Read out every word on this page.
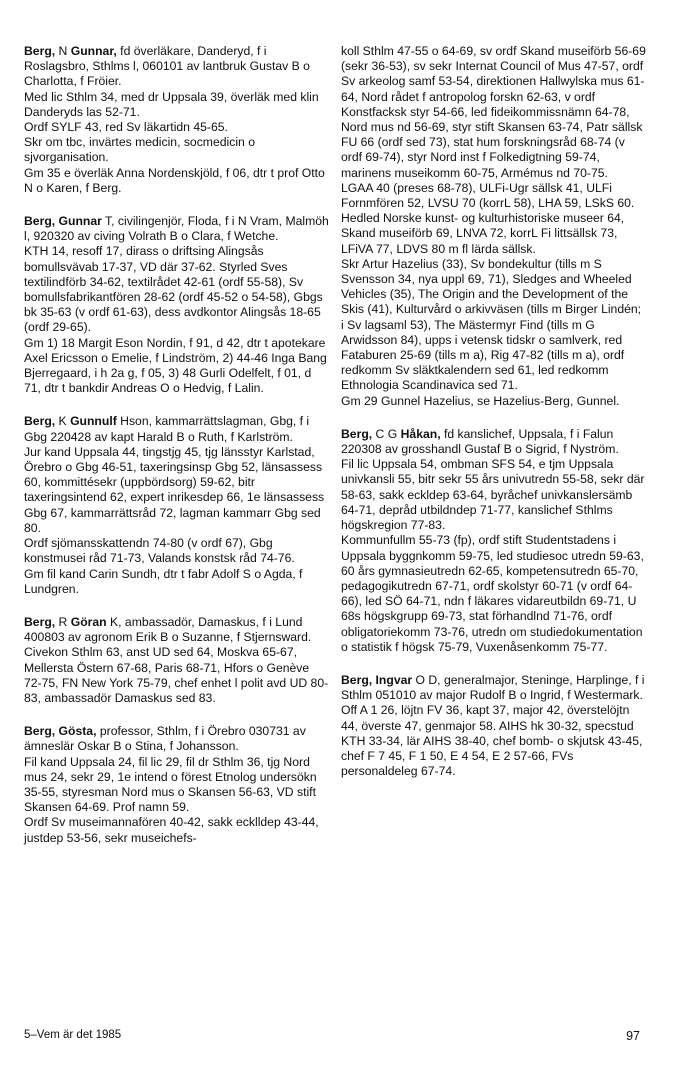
Berg, N Gunnar, fd överläkare, Danderyd, f i Roslagsbro, Sthlms l, 060101 av lantbruk Gustav B o Charlotta, f Fröier.

Med lic Sthlm 34, med dr Uppsala 39, överläk med klin Danderyds las 52-71.

Ordf SYLF 43, red Sv läkartidn 45-65.

Skr om tbc, invärtes medicin, socmedicin o sjvorganisation.

Gm 35 e överläk Anna Nordenskjöld, f 06, dtr t prof Otto N o Karen, f Berg.

Berg, Gunnar T, civilingenjör, Floda, f i N Vram, Malmöh l, 920320 av civing Volrath B o Clara, f Wetche.

KTH 14, resoff 17, dirass o driftsing Alingsås bomullsvävab 17-37, VD där 37-62. Styrled Sves textilindförb 34-62, textilrådet 42-61 (ordf 55-58), Sv bomullsfabrikantfören 28-62 (ordf 45-52 o 54-58), Gbgs bk 35-63 (v ordf 61-63), dess avdkontor Alingsås 18-65 (ordf 29-65).

Gm 1) 18 Margit Eson Nordin, f 91, d 42, dtr t apotekare Axel Ericsson o Emelie, f Lindström, 2) 44-46 Inga Bang Bjerregaard, i h 2a g, f 05, 3) 48 Gurli Odelfelt, f 01, d 71, dtr t bankdir Andreas O o Hedvig, f Lalin.

Berg, K Gunnulf Hson, kammarrättslagman, Gbg, f i Gbg 220428 av kapt Harald B o Ruth, f Karlström.

Jur kand Uppsala 44, tingstjg 45, tjg länsstyr Karlstad, Örebro o Gbg 46-51, taxeringsinsp Gbg 52, länsassess 60, kommittésekr (uppbördsorg) 59-62, bitr taxeringsintend 62, expert inrikesdep 66, 1e länsassess Gbg 67, kammarrättsråd 72, lagman kammarr Gbg sed 80.

Ordf sjömansskattendn 74-80 (v ordf 67), Gbg konstmusei råd 71-73, Valands konstsk råd 74-76.

Gm fil kand Carin Sundh, dtr t fabr Adolf S o Agda, f Lundgren.

Berg, R Göran K, ambassadör, Damaskus, f i Lund 400803 av agronom Erik B o Suzanne, f Stjernsward.

Civekon Sthlm 63, anst UD sed 64, Moskva 65-67, Mellersta Östern 67-68, Paris 68-71, Hfors o Genève 72-75, FN New York 75-79, chef enhet l polit avd UD 80-83, ambassadör Damaskus sed 83.

Berg, Gösta, professor, Sthlm, f i Örebro 030731 av ämneslär Oskar B o Stina, f Johansson.

Fil kand Uppsala 24, fil lic 29, fil dr Sthlm 36, tjg Nord mus 24, sekr 29, 1e intend o förest Etnolog undersökn 35-55, styresman Nord mus o Skansen 56-63, VD stift Skansen 64-69. Prof namn 59.

Ordf Sv museimannafören 40-42, sakk ecklldep 43-44, justdep 53-56, sekr museichefs-

koll Sthlm 47-55 o 64-69, sv ordf Skand museiförb 56-69 (sekr 36-53), sv sekr Internat Council of Mus 47-57, ordf Sv arkeolog samf 53-54, direktionen Hallwylska mus 61-64, Nord rådet f antropolog forskn 62-63, v ordf Konstfacksk styr 54-66, led fideikommissnämn 64-78, Nord mus nd 56-69, styr stift Skansen 63-74, Patr sällsk FU 66 (ordf sed 73), stat hum forskningsråd 68-74 (v ordf 69-74), styr Nord inst f Folkedigtning 59-74, marinens museikomm 60-75, Armémus nd 70-75.

LGAA 40 (preses 68-78), ULFi-Ugr sällsk 41, ULFi Fornmfören 52, LVSU 70 (korrL 58), LHA 59, LSkS 60. Hedled Norske kunst- og kulturhistoriske museer 64, Skand museiförb 69, LNVA 72, korrL Fi littsällsk 73, LFiVA 77, LDVS 80 m fl lärda sällsk.

Skr Artur Hazelius (33), Sv bondekultur (tills m S Svensson 34, nya uppl 69, 71), Sledges and Wheeled Vehicles (35), The Origin and the Development of the Skis (41), Kulturvård o arkivväsen (tills m Birger Lindén; i Sv lagsaml 53), The Mästermyr Find (tills m G Arwidsson 84), upps i vetensk tidskr o samlverk, red Fataburen 25-69 (tills m a), Rig 47-82 (tills m a), ordf redkomm Sv släktkalendern sed 61, led redkomm Ethnologia Scandinavica sed 71.

Gm 29 Gunnel Hazelius, se Hazelius-Berg, Gunnel.

Berg, C G Håkan, fd kanslichef, Uppsala, f i Falun 220308 av grosshandl Gustaf B o Sigrid, f Nyström.

Fil lic Uppsala 54, ombman SFS 54, e tjm Uppsala univkansli 55, bitr sekr 55 års univutredn 55-58, sekr där 58-63, sakk eckldep 63-64, byråchef univkanslersämb 64-71, depråd utbildndep 71-77, kanslichef Sthlms högskregion 77-83.

Kommunfullm 55-73 (fp), ordf stift Studentstadens i Uppsala byggnkomm 59-75, led studiesoc utredn 59-63, 60 års gymnasieutredn 62-65, kompetensutredn 65-70, pedagogikutredn 67-71, ordf skolstyr 60-71 (v ordf 64-66), led SÖ 64-71, ndn f läkares vidareutbildn 69-71, U 68s högskgrupp 69-73, stat förhandlnd 71-76, ordf obligatoriekomm 73-76, utredn om studiedokumentation o statistik f högsk 75-79, Vuxenåsenkomm 75-77.

Berg, Ingvar O D, generalmajor, Steninge, Harplinge, f i Sthlm 051010 av major Rudolf B o Ingrid, f Westermark.

Off A 1 26, löjtn FV 36, kapt 37, major 42, överstelöjtn 44, överste 47, genmajor 58. AIHS hk 30-32, specstud KTH 33-34, lär AIHS 38-40, chef bomb- o skjutsk 43-45, chef F 7 45, F 1 50, E 4 54, E 2 57-66, FVs personaldeleg 67-74.

5–Vem är det 1985	97
